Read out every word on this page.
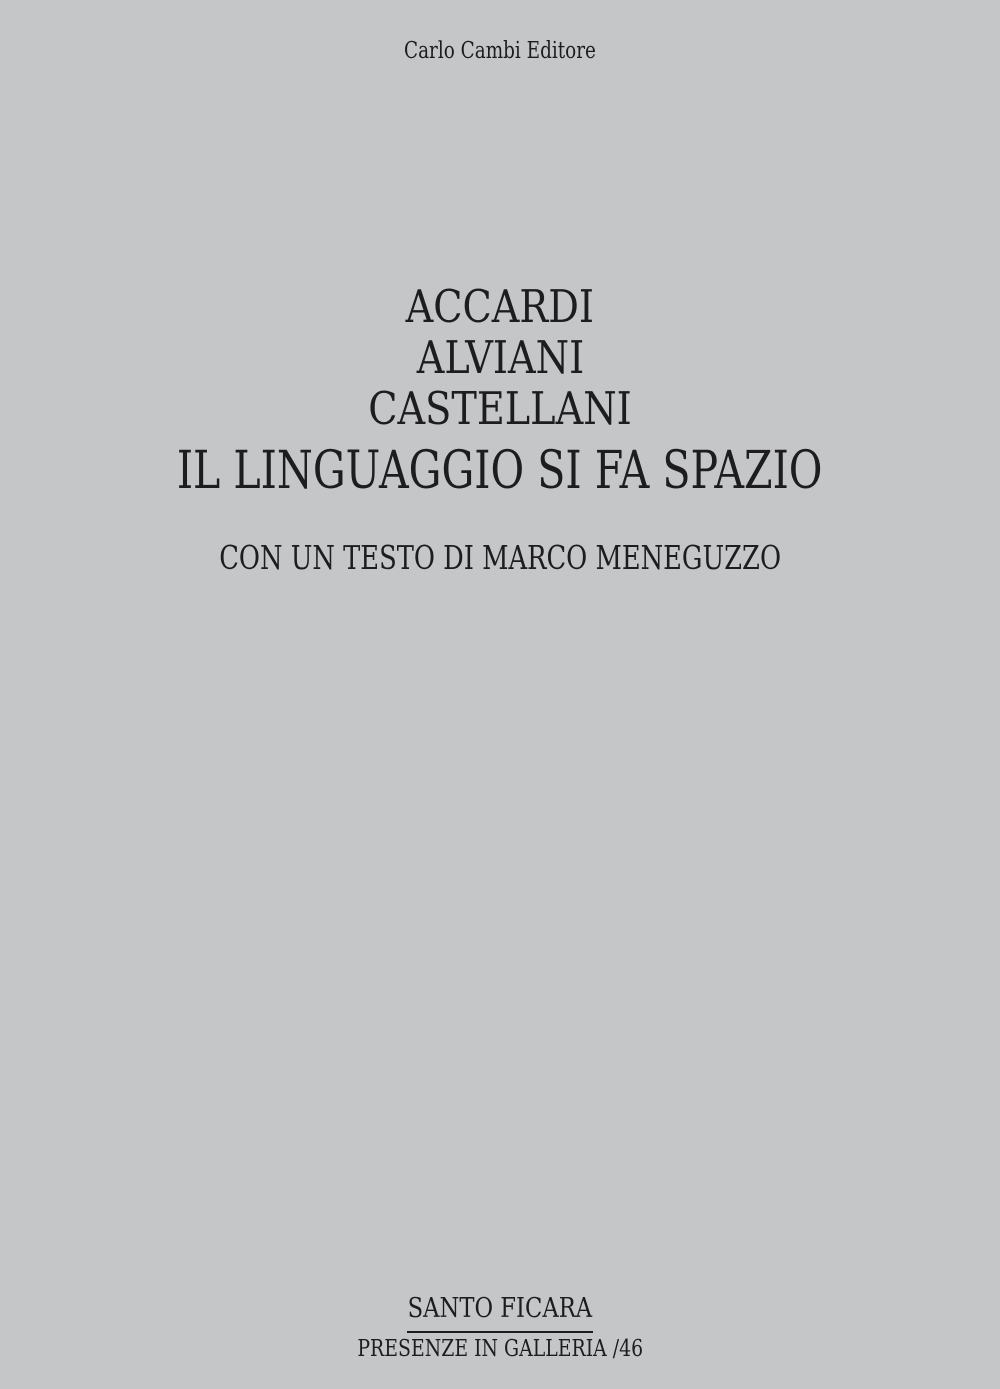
Carlo Cambi Editore
ACCARDI
ALVIANI
CASTELLANI
IL LINGUAGGIO SI FA SPAZIO
CON UN TESTO DI MARCO MENEGUZZO
SANTO FICARA
PRESENZE IN GALLERIA /46
